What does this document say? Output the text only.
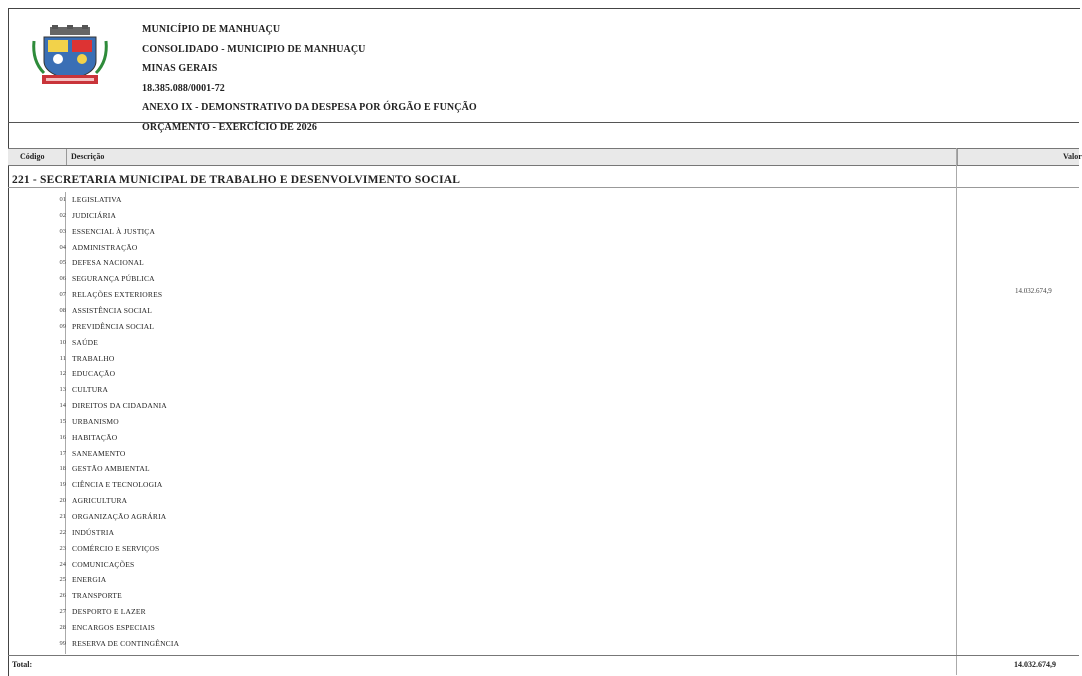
MUNICÍPIO DE MANHUAÇU
CONSOLIDADO - MUNICIPIO DE MANHUAÇU
MINAS GERAIS
18.385.088/0001-72
ANEXO IX - DEMONSTRATIVO DA DESPESA POR ÓRGÃO E FUNÇÃO
ORÇAMENTO - EXERCÍCIO DE 2026
Código	Descrição	Valor
221 - SECRETARIA MUNICIPAL DE TRABALHO E DESENVOLVIMENTO SOCIAL
01 LEGISLATIVA
02 JUDICIÁRIA
03 ESSENCIAL À JUSTIÇA
04 ADMINISTRAÇÃO
05 DEFESA NACIONAL
06 SEGURANÇA PÚBLICA
07 RELAÇÕES EXTERIORES
08 ASSISTÊNCIA SOCIAL
09 PREVIDÊNCIA SOCIAL
10 SAÚDE
11 TRABALHO
12 EDUCAÇÃO
13 CULTURA
14 DIREITOS DA CIDADANIA
15 URBANISMO
16 HABITAÇÃO
17 SANEAMENTO
18 GESTÃO AMBIENTAL
19 CIÊNCIA E TECNOLOGIA
20 AGRICULTURA
21 ORGANIZAÇÃO AGRÁRIA
22 INDÚSTRIA
23 COMÉRCIO E SERVIÇOS
24 COMUNICAÇÕES
25 ENERGIA
26 TRANSPORTE
27 DESPORTO E LAZER
28 ENCARGOS ESPECIAIS
99 RESERVA DE CONTINGÊNCIA
14.032.674,9
Total:	14.032.674,9
